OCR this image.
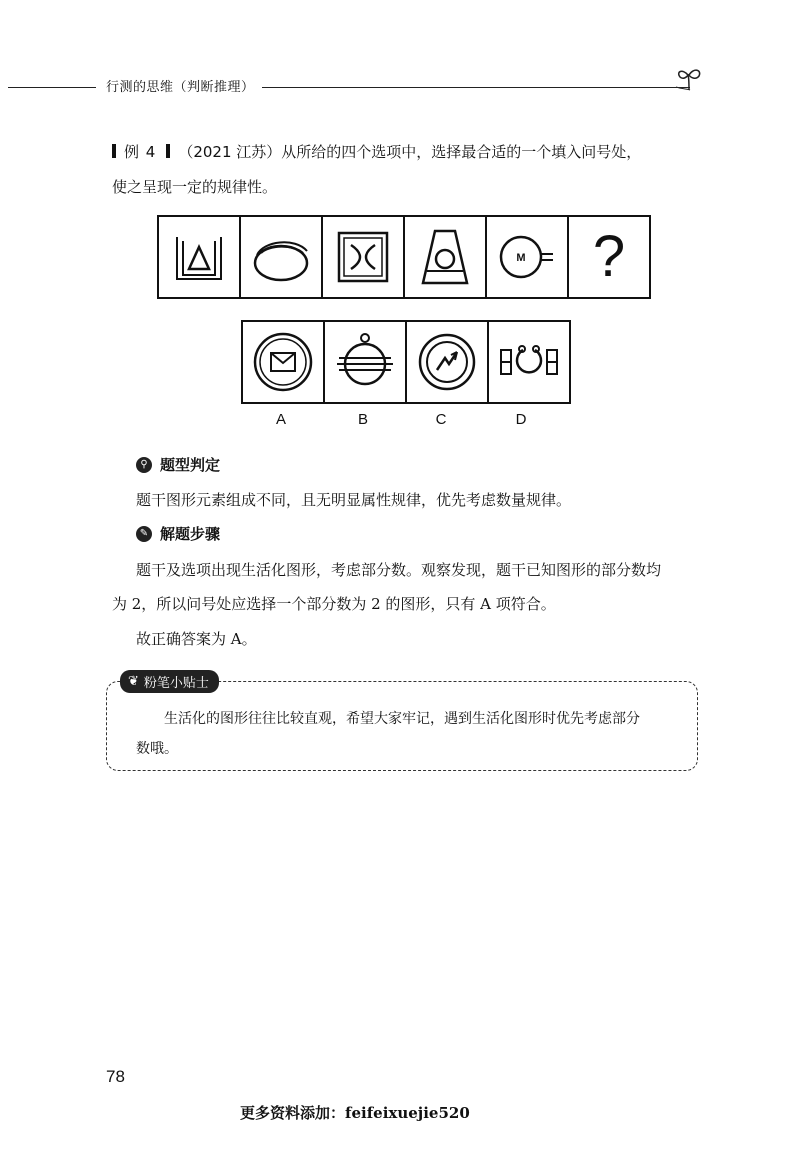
行测的思维（判断推理）
例 4 （2021 江苏）从所给的四个选项中，选择最合适的一个填入问号处，
使之呈现一定的规律性。
M	?
A	B	C	D
⚲ 题型判定
题干图形元素组成不同，且无明显属性规律，优先考虑数量规律。
✎ 解题步骤
题干及选项出现生活化图形，考虑部分数。观察发现，题干已知图形的部分数均
为 2，所以问号处应选择一个部分数为 2 的图形，只有 A 项符合。
故正确答案为 A。
❦ 粉笔小贴士
生活化的图形往往比较直观，希望大家牢记，遇到生活化图形时优先考虑部分
数哦。
78
更多资料添加：feifeixuejie520
